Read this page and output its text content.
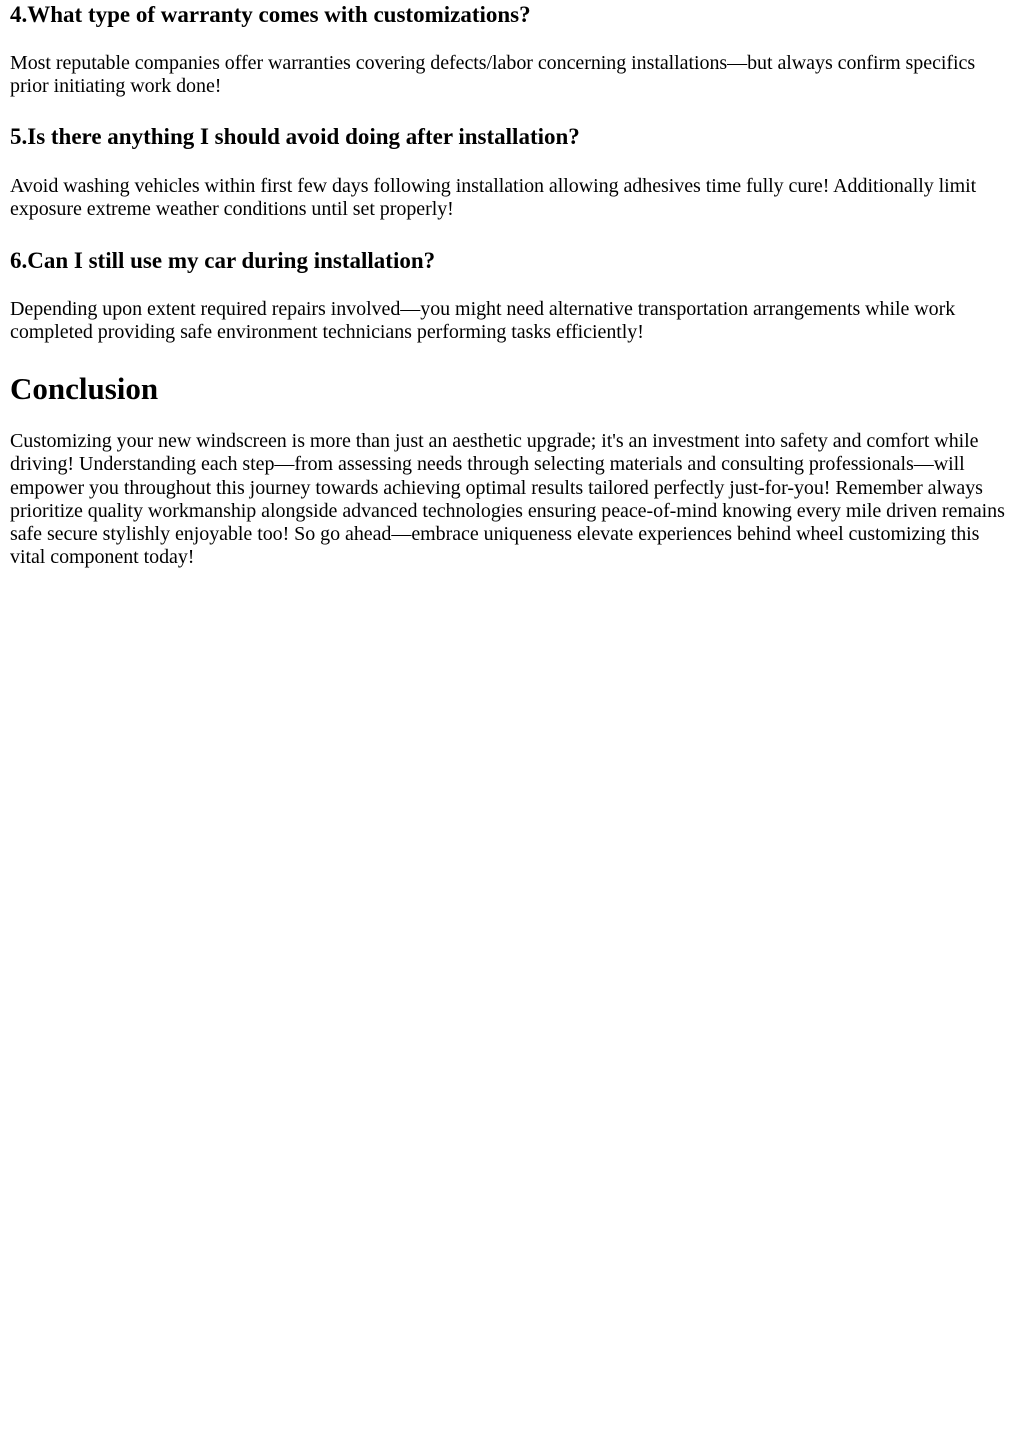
4.What type of warranty comes with customizations?

Most reputable companies offer warranties covering defects/labor concerning installations—but always confirm specifics prior initiating work done!

5.Is there anything I should avoid doing after installation?

Avoid washing vehicles within first few days following installation allowing adhesives time fully cure! Additionally limit exposure extreme weather conditions until set properly!

6.Can I still use my car during installation?

Depending upon extent required repairs involved—you might need alternative transportation arrangements while work completed providing safe environment technicians performing tasks efficiently!

Conclusion

Customizing your new windscreen is more than just an aesthetic upgrade; it's an investment into safety and comfort while driving! Understanding each step—from assessing needs through selecting materials and consulting professionals—will empower you throughout this journey towards achieving optimal results tailored perfectly just-for-you! Remember always prioritize quality workmanship alongside advanced technologies ensuring peace-of-mind knowing every mile driven remains safe secure stylishly enjoyable too! So go ahead—embrace uniqueness elevate experiences behind wheel customizing this vital component today!
